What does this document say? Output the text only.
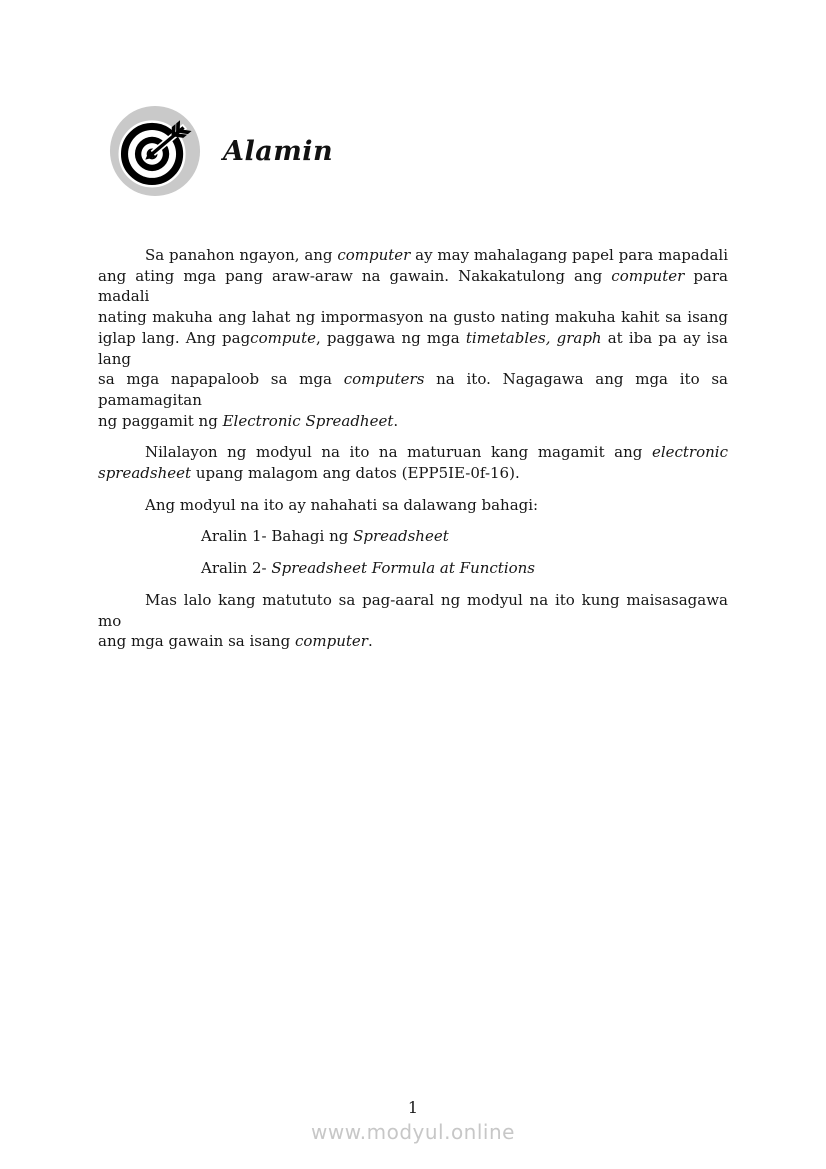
Alamin
Sa panahon ngayon, ang computer ay may mahalagang papel para mapadali
ang ating mga pang araw-araw na gawain. Nakakatulong ang computer para madali
nating makuha ang lahat ng impormasyon na gusto nating makuha kahit sa isang
iglap lang. Ang pagcompute, paggawa ng mga timetables, graph at iba pa ay isa lang
sa mga napapaloob sa mga computers na ito. Nagagawa ang mga ito sa pamamagitan
ng paggamit ng Electronic Spreadheet.
Nilalayon ng modyul na ito na maturuan kang magamit ang electronic
spreadsheet upang malagom ang datos (EPP5IE-0f-16).
Ang modyul na ito ay nahahati sa dalawang bahagi:
Aralin 1- Bahagi ng Spreadsheet
Aralin 2- Spreadsheet Formula at Functions
Mas lalo kang matututo sa pag-aaral ng modyul na ito kung maisasagawa mo
ang mga gawain sa isang computer.
1
www.modyul.online
